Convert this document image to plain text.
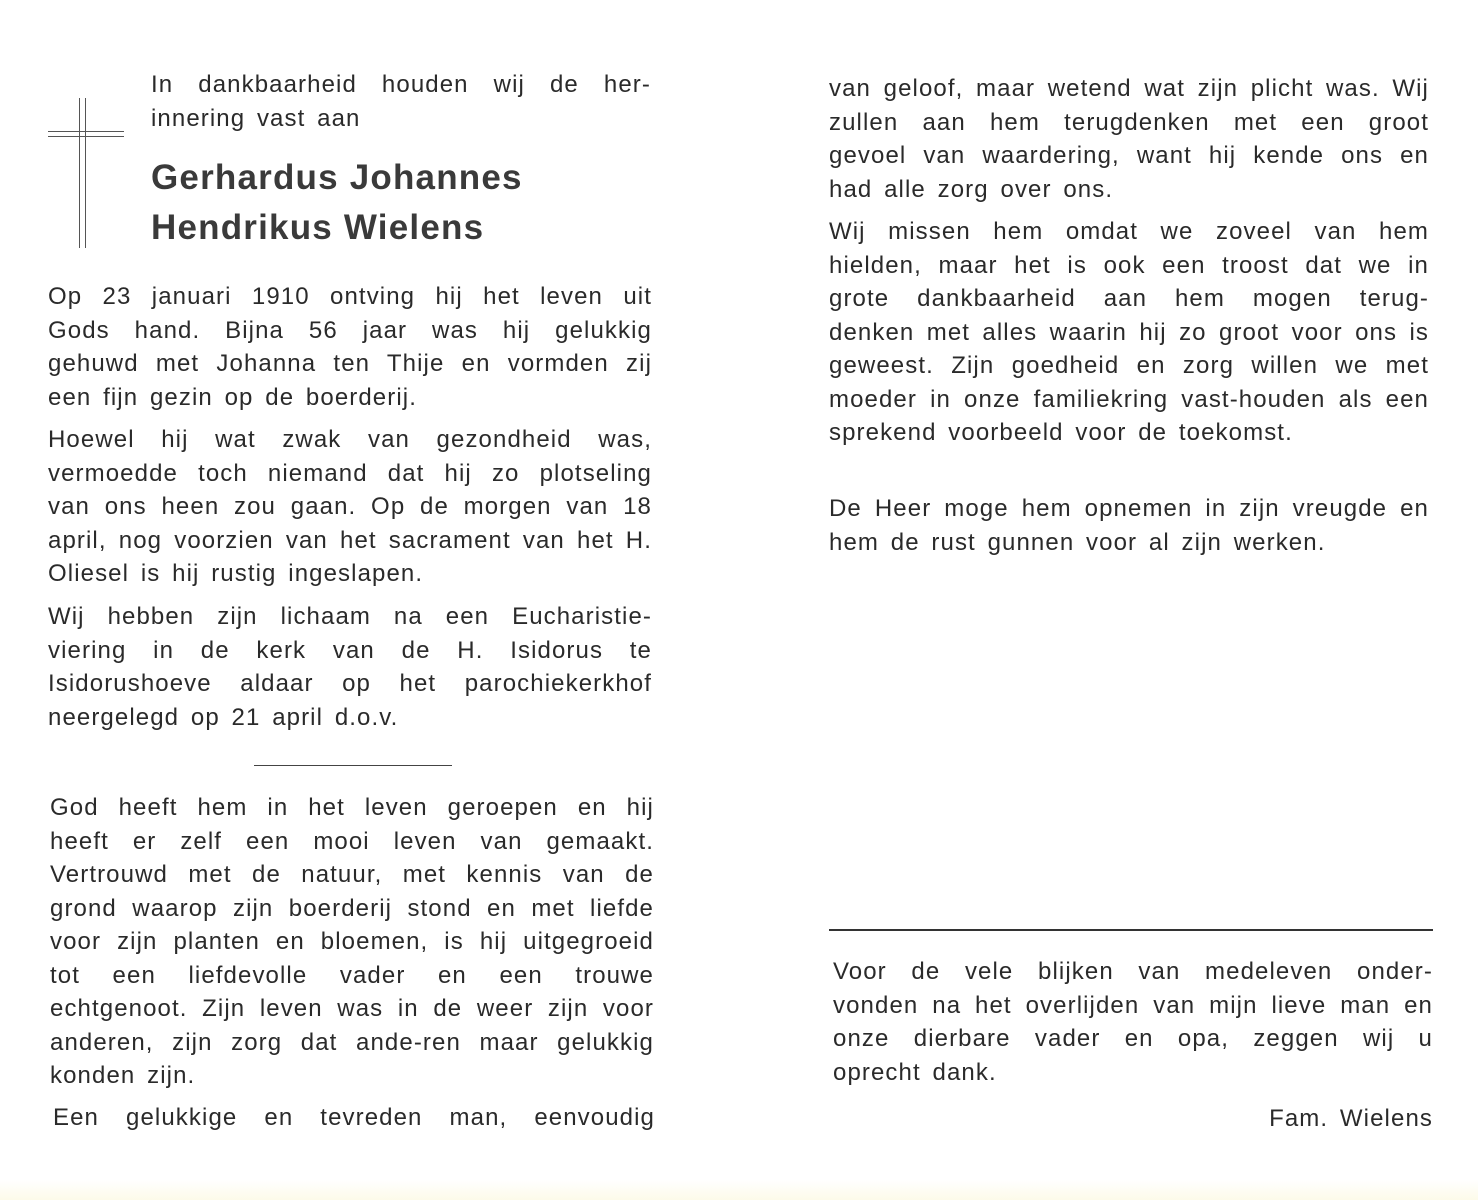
In dankbaarheid houden wij de her-innering vast aan

Gerhardus Johannes

Hendrikus Wielens

Op 23 januari 1910 ontving hij het leven uit Gods hand. Bijna 56 jaar was hij gelukkig gehuwd met Johanna ten Thije en vormden zij een fijn gezin op de boerderij.

Hoewel hij wat zwak van gezondheid was, vermoedde toch niemand dat hij zo plotseling van ons heen zou gaan. Op de morgen van 18 april, nog voorzien van het sacrament van het H. Oliesel is hij rustig ingeslapen.

Wij hebben zijn lichaam na een Eucharistie-viering in de kerk van de H. Isidorus te Isidorushoeve aldaar op het parochiekerkhof neergelegd op 21 april d.o.v.

God heeft hem in het leven geroepen en hij heeft er zelf een mooi leven van gemaakt. Vertrouwd met de natuur, met kennis van de grond waarop zijn boerderij stond en met liefde voor zijn planten en bloemen, is hij uitgegroeid tot een liefdevolle vader en een trouwe echtgenoot. Zijn leven was in de weer zijn voor anderen, zijn zorg dat ande-ren maar gelukkig konden zijn.

Een gelukkige en tevreden man, eenvoudig

van geloof, maar wetend wat zijn plicht was. Wij zullen aan hem terugdenken met een groot gevoel van waardering, want hij kende ons en had alle zorg over ons.

Wij missen hem omdat we zoveel van hem hielden, maar het is ook een troost dat we in grote dankbaarheid aan hem mogen terug-denken met alles waarin hij zo groot voor ons is geweest. Zijn goedheid en zorg willen we met moeder in onze familiekring vast-houden als een sprekend voorbeeld voor de toekomst.

De Heer moge hem opnemen in zijn vreugde en hem de rust gunnen voor al zijn werken.

Voor de vele blijken van medeleven onder-vonden na het overlijden van mijn lieve man en onze dierbare vader en opa, zeggen wij u oprecht dank.

Fam. Wielens
